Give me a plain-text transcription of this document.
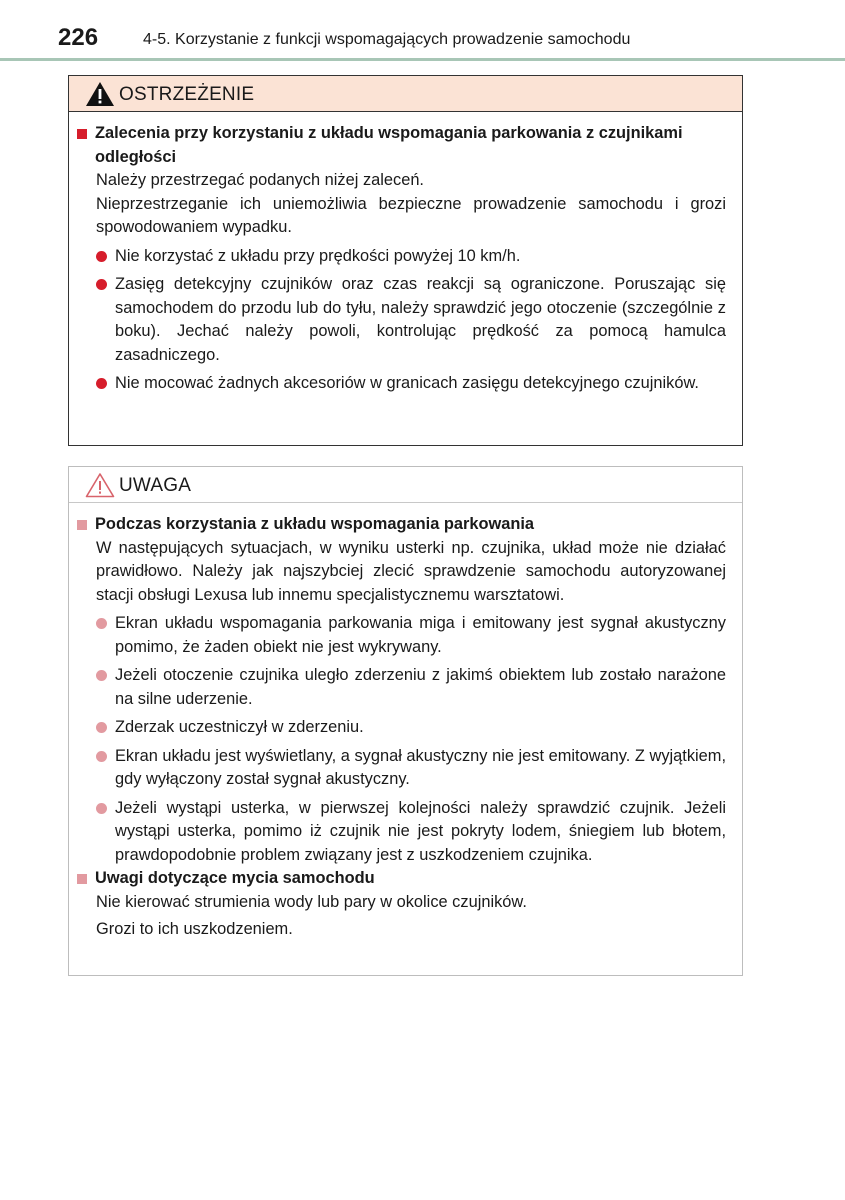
226	4-5. Korzystanie z funkcji wspomagających prowadzenie samochodu
OSTRZEŻENIE
Zalecenia przy korzystaniu z układu wspomagania parkowania z czujnikami odległości
Należy przestrzegać podanych niżej zaleceń.
Nieprzestrzeganie ich uniemożliwia bezpieczne prowadzenie samochodu i grozi spowodowaniem wypadku.
Nie korzystać z układu przy prędkości powyżej 10 km/h.
Zasięg detekcyjny czujników oraz czas reakcji są ograniczone. Poruszając się samochodem do przodu lub do tyłu, należy sprawdzić jego otoczenie (szczególnie z boku). Jechać należy powoli, kontrolując prędkość za pomocą hamulca zasadniczego.
Nie mocować żadnych akcesoriów w granicach zasięgu detekcyjnego czujników.
UWAGA
Podczas korzystania z układu wspomagania parkowania
W następujących sytuacjach, w wyniku usterki np. czujnika, układ może nie działać prawidłowo. Należy jak najszybciej zlecić sprawdzenie samochodu autoryzowanej stacji obsługi Lexusa lub innemu specjalistycznemu warsztatowi.
Ekran układu wspomagania parkowania miga i emitowany jest sygnał akustyczny pomimo, że żaden obiekt nie jest wykrywany.
Jeżeli otoczenie czujnika uległo zderzeniu z jakimś obiektem lub zostało narażone na silne uderzenie.
Zderzak uczestniczył w zderzeniu.
Ekran układu jest wyświetlany, a sygnał akustyczny nie jest emitowany. Z wyjątkiem, gdy wyłączony został sygnał akustyczny.
Jeżeli wystąpi usterka, w pierwszej kolejności należy sprawdzić czujnik. Jeżeli wystąpi usterka, pomimo iż czujnik nie jest pokryty lodem, śniegiem lub błotem, prawdopodobnie problem związany jest z uszkodzeniem czujnika.
Uwagi dotyczące mycia samochodu
Nie kierować strumienia wody lub pary w okolice czujników.
Grozi to ich uszkodzeniem.
